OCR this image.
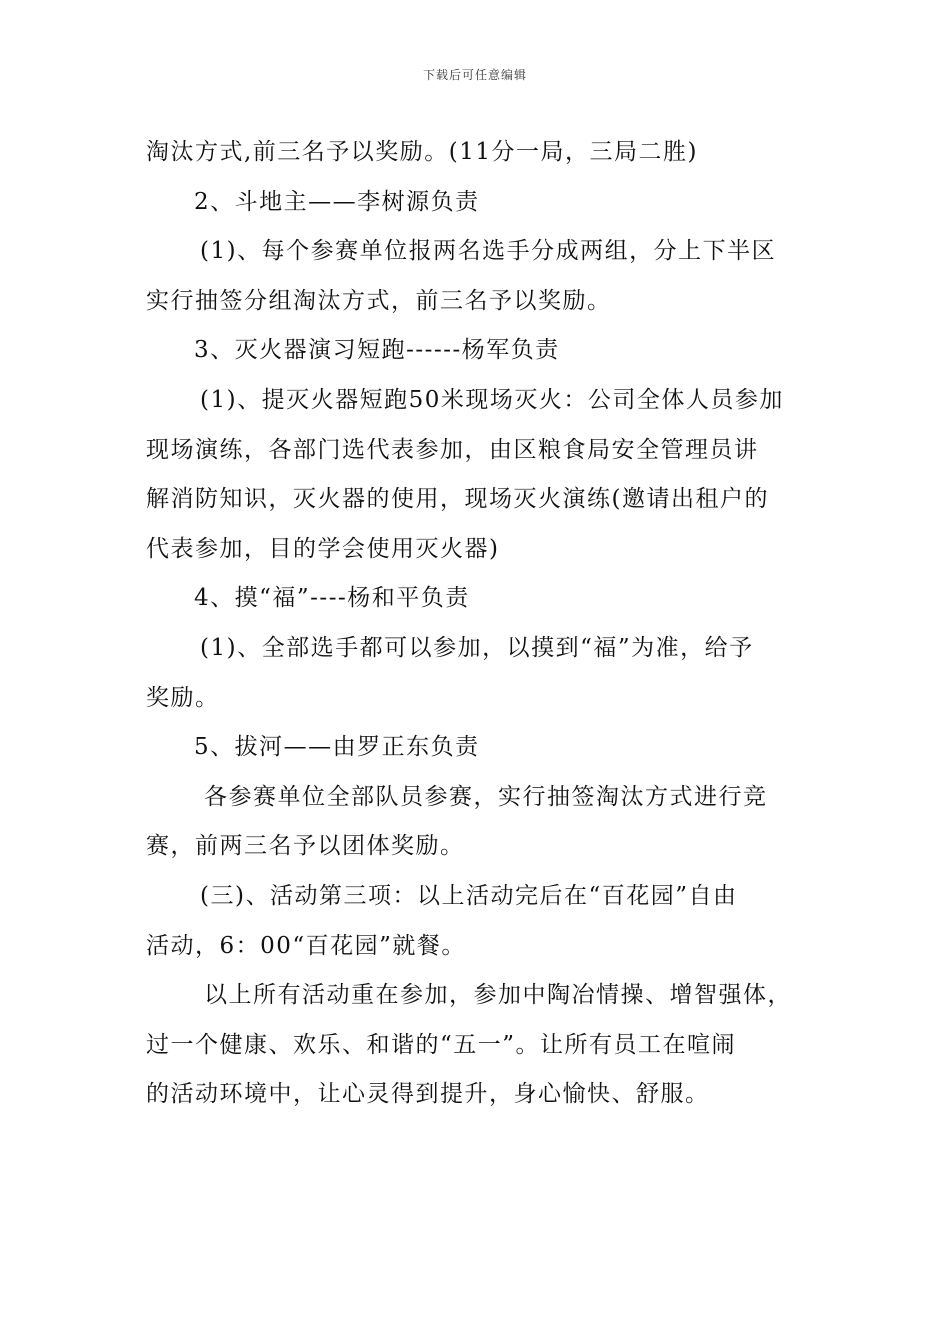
下载后可任意编辑

淘汰方式,前三名予以奖励。(11分一局，三局二胜)

2、斗地主——李树源负责

(1)、每个参赛单位报两名选手分成两组，分上下半区

实行抽签分组淘汰方式，前三名予以奖励。

3、灭火器演习短跑------杨军负责

(1)、提灭火器短跑50米现场灭火：公司全体人员参加

现场演练，各部门选代表参加，由区粮食局安全管理员讲

解消防知识，灭火器的使用，现场灭火演练(邀请出租户的

代表参加，目的学会使用灭火器)

4、摸“福”----杨和平负责

(1)、全部选手都可以参加，以摸到“福”为准，给予

奖励。

5、拔河——由罗正东负责

各参赛单位全部队员参赛，实行抽签淘汰方式进行竞

赛，前两三名予以团体奖励。

(三)、活动第三项：以上活动完后在“百花园”自由

活动，6：00“百花园”就餐。

以上所有活动重在参加，参加中陶冶情操、增智强体，

过一个健康、欢乐、和谐的“五一”。让所有员工在喧闹

的活动环境中，让心灵得到提升，身心愉快、舒服。
